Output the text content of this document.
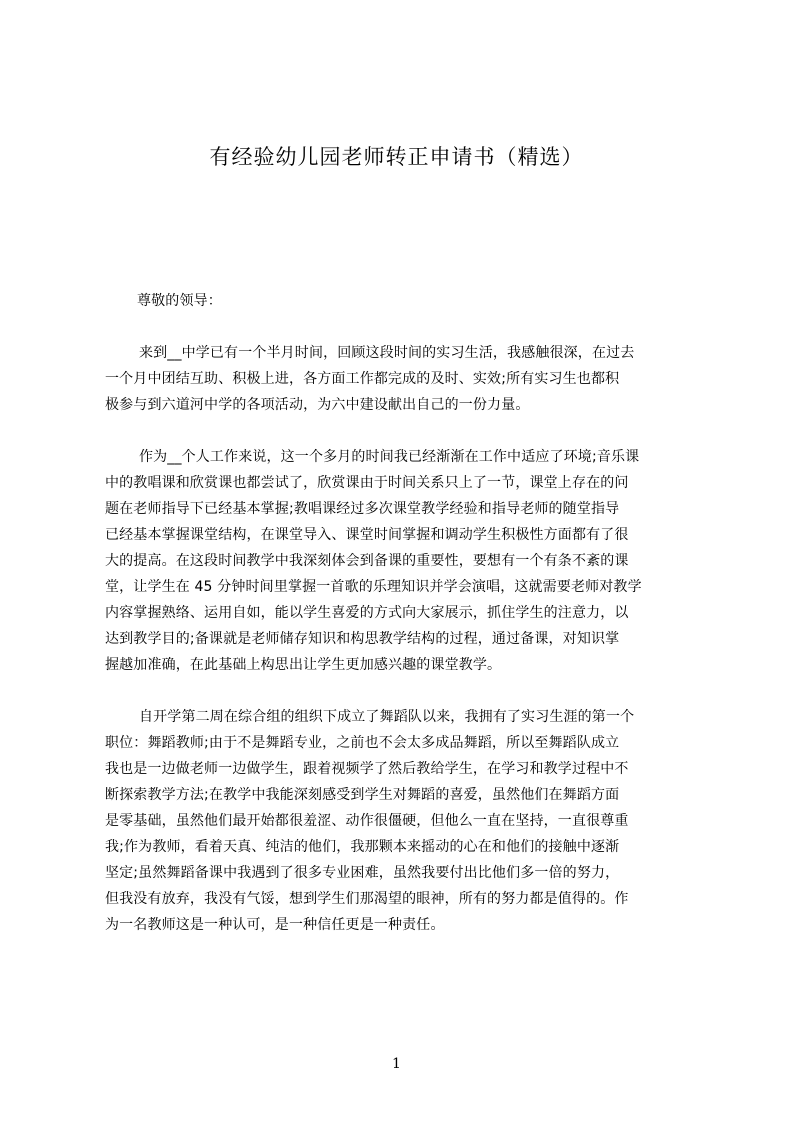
有经验幼儿园老师转正申请书（精选）
尊敬的领导：
来到__中学已有一个半月时间，回顾这段时间的实习生活，我感触很深，在过去
一个月中团结互助、积极上进，各方面工作都完成的及时、实效;所有实习生也都积
极参与到六道河中学的各项活动，为六中建设献出自己的一份力量。
作为__个人工作来说，这一个多月的时间我已经渐渐在工作中适应了环境;音乐课
中的教唱课和欣赏课也都尝试了，欣赏课由于时间关系只上了一节，课堂上存在的问
题在老师指导下已经基本掌握;教唱课经过多次课堂教学经验和指导老师的随堂指导
已经基本掌握课堂结构，在课堂导入、课堂时间掌握和调动学生积极性方面都有了很
大的提高。在这段时间教学中我深刻体会到备课的重要性，要想有一个有条不紊的课
堂，让学生在 45 分钟时间里掌握一首歌的乐理知识并学会演唱，这就需要老师对教学
内容掌握熟络、运用自如，能以学生喜爱的方式向大家展示，抓住学生的注意力，以
达到教学目的;备课就是老师储存知识和构思教学结构的过程，通过备课，对知识掌
握越加准确，在此基础上构思出让学生更加感兴趣的课堂教学。
自开学第二周在综合组的组织下成立了舞蹈队以来，我拥有了实习生涯的第一个
职位：舞蹈教师;由于不是舞蹈专业，之前也不会太多成品舞蹈，所以至舞蹈队成立
我也是一边做老师一边做学生，跟着视频学了然后教给学生，在学习和教学过程中不
断探索教学方法;在教学中我能深刻感受到学生对舞蹈的喜爱，虽然他们在舞蹈方面
是零基础，虽然他们最开始都很羞涩、动作很僵硬，但他么一直在坚持，一直很尊重
我;作为教师，看着天真、纯洁的他们，我那颗本来摇动的心在和他们的接触中逐渐
坚定;虽然舞蹈备课中我遇到了很多专业困难，虽然我要付出比他们多一倍的努力，
但我没有放弃，我没有气馁，想到学生们那渴望的眼神，所有的努力都是值得的。作
为一名教师这是一种认可，是一种信任更是一种责任。
1
